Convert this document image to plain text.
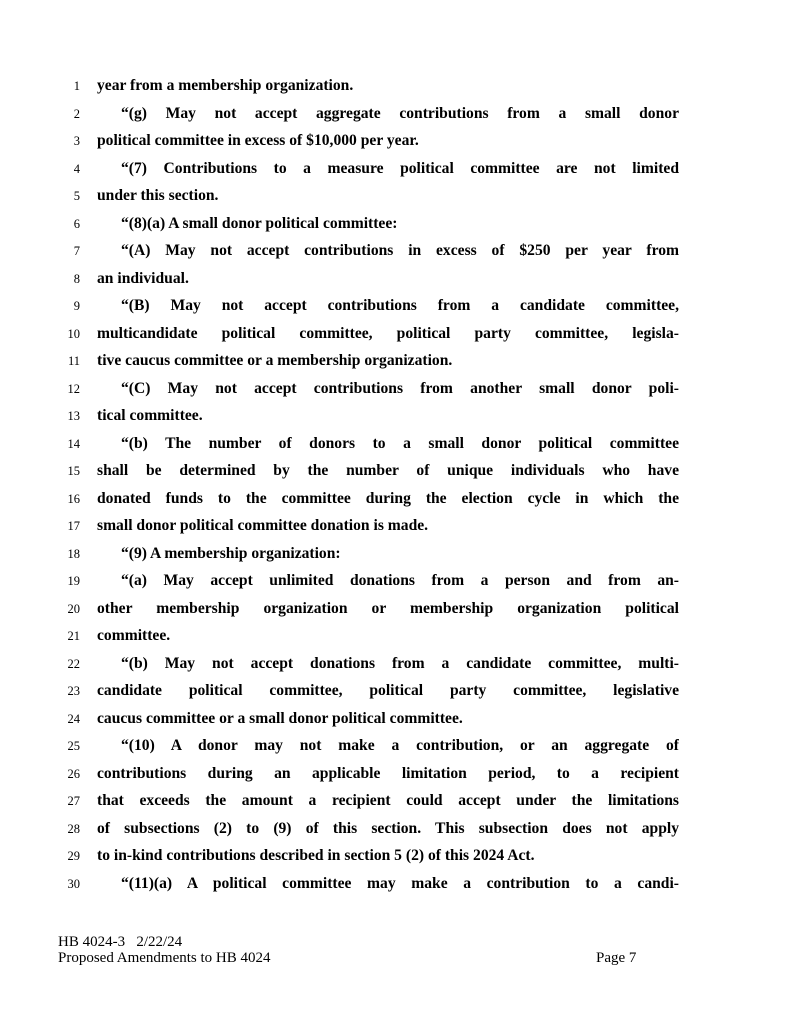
1 year from a membership organization.
2	“(g) May not accept aggregate contributions from a small donor
3 political committee in excess of $10,000 per year.
4	“(7) Contributions to a measure political committee are not limited
5 under this section.
6	“(8)(a) A small donor political committee:
7	“(A) May not accept contributions in excess of $250 per year from
8 an individual.
9	“(B) May not accept contributions from a candidate committee,
10 multicandidate political committee, political party committee, legisla-
11 tive caucus committee or a membership organization.
12	“(C) May not accept contributions from another small donor poli-
13 tical committee.
14	“(b) The number of donors to a small donor political committee
15 shall be determined by the number of unique individuals who have
16 donated funds to the committee during the election cycle in which the
17 small donor political committee donation is made.
18	“(9) A membership organization:
19	“(a) May accept unlimited donations from a person and from an-
20 other membership organization or membership organization political
21 committee.
22	“(b) May not accept donations from a candidate committee, multi-
23 candidate political committee, political party committee, legislative
24 caucus committee or a small donor political committee.
25	“(10) A donor may not make a contribution, or an aggregate of
26 contributions during an applicable limitation period, to a recipient
27 that exceeds the amount a recipient could accept under the limitations
28 of subsections (2) to (9) of this section. This subsection does not apply
29 to in-kind contributions described in section 5 (2) of this 2024 Act.
30	“(11)(a) A political committee may make a contribution to a candi-
HB 4024-3   2/22/24
Proposed Amendments to HB 4024	Page 7
